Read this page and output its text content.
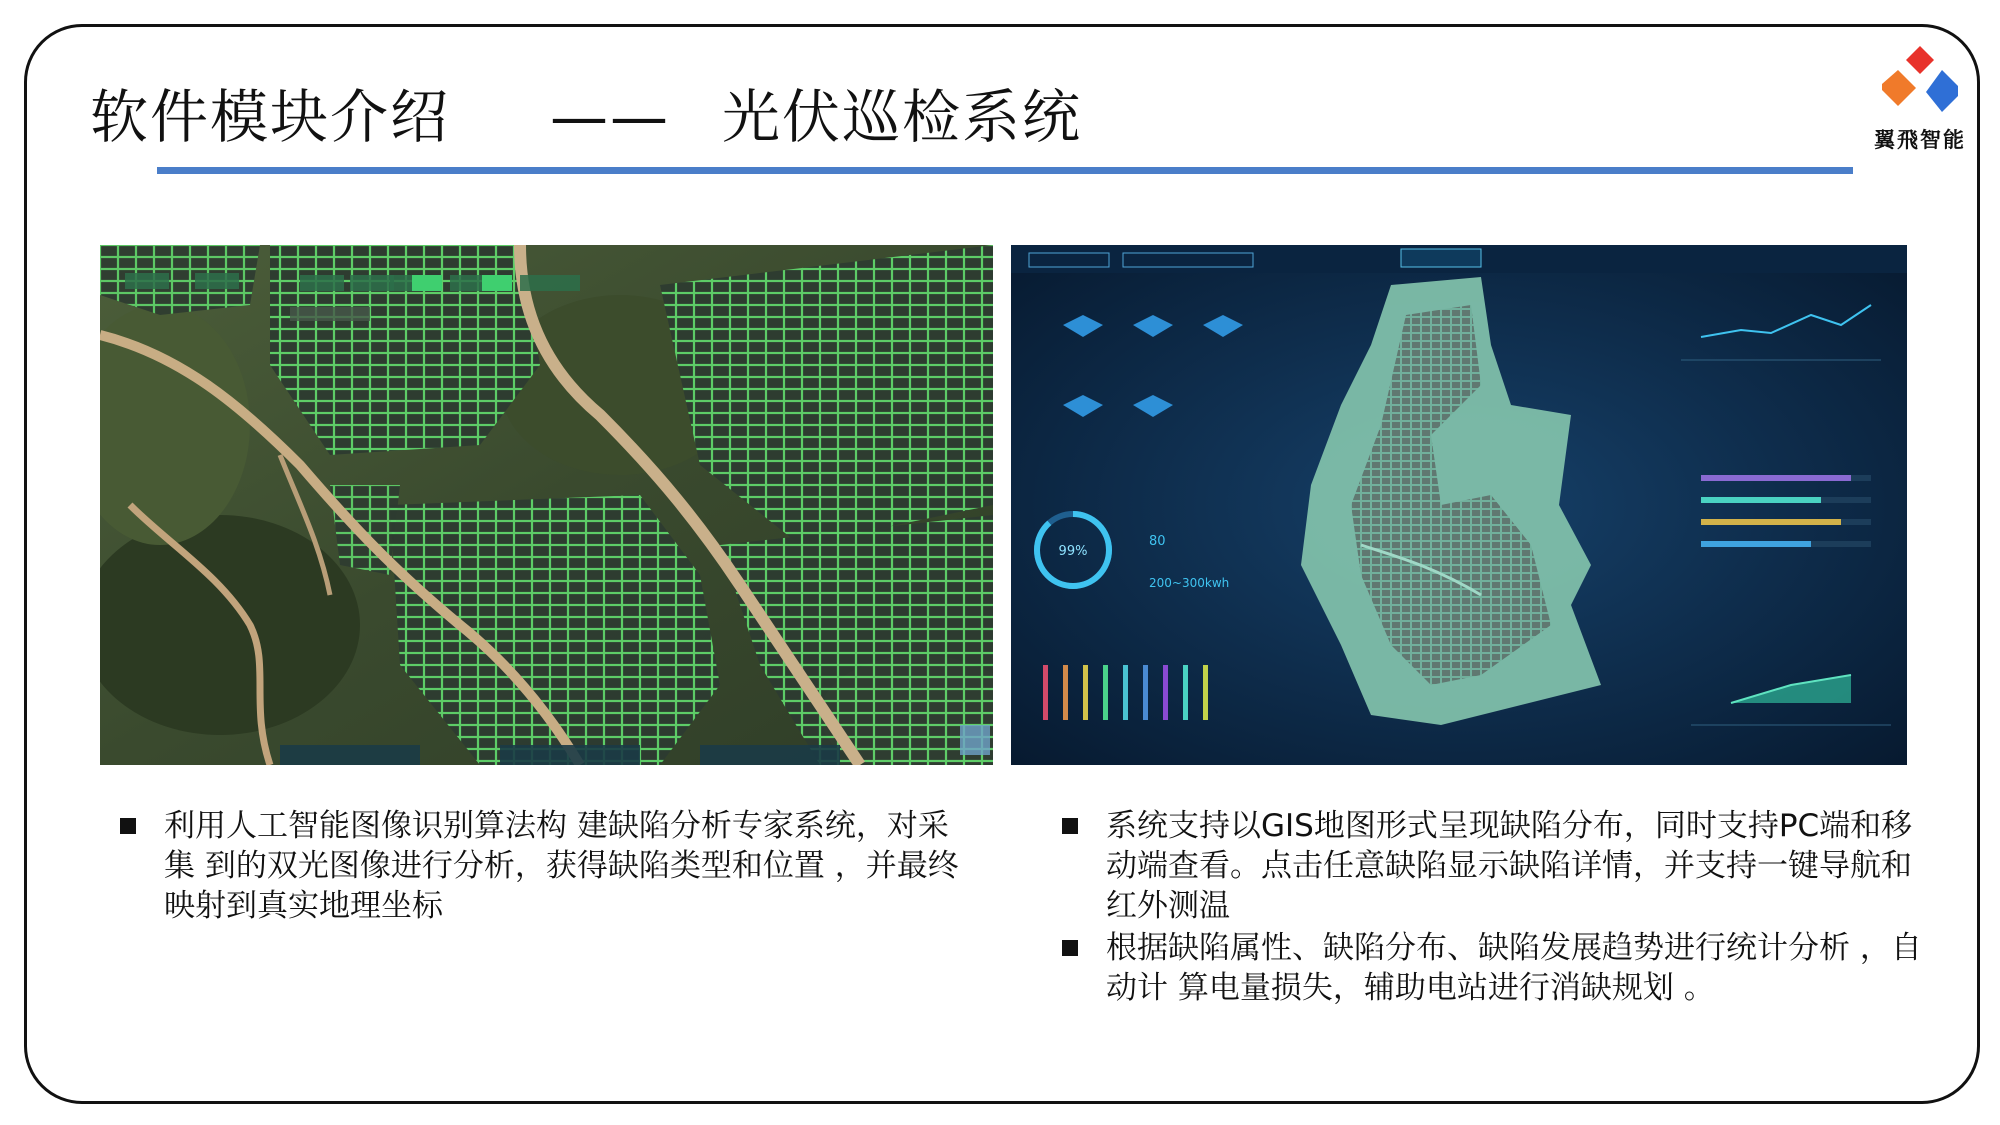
软件模块介绍 —— 光伏巡检系统	翼飛智能
99%
80
200~300kwh
利用人工智能图像识别算法构 建缺陷分析专家系统，对采集 到的双光图像进行分析，获得缺陷类型和位置 ，并最终映射到真实地理坐标
系统支持以GIS地图形式呈现缺陷分布，同时支持PC端和移动端查看。点击任意缺陷显示缺陷详情，并支持一键导航和红外测温
根据缺陷属性、缺陷分布、缺陷发展趋势进行统计分析 ，自动计 算电量损失，辅助电站进行消缺规划 。
